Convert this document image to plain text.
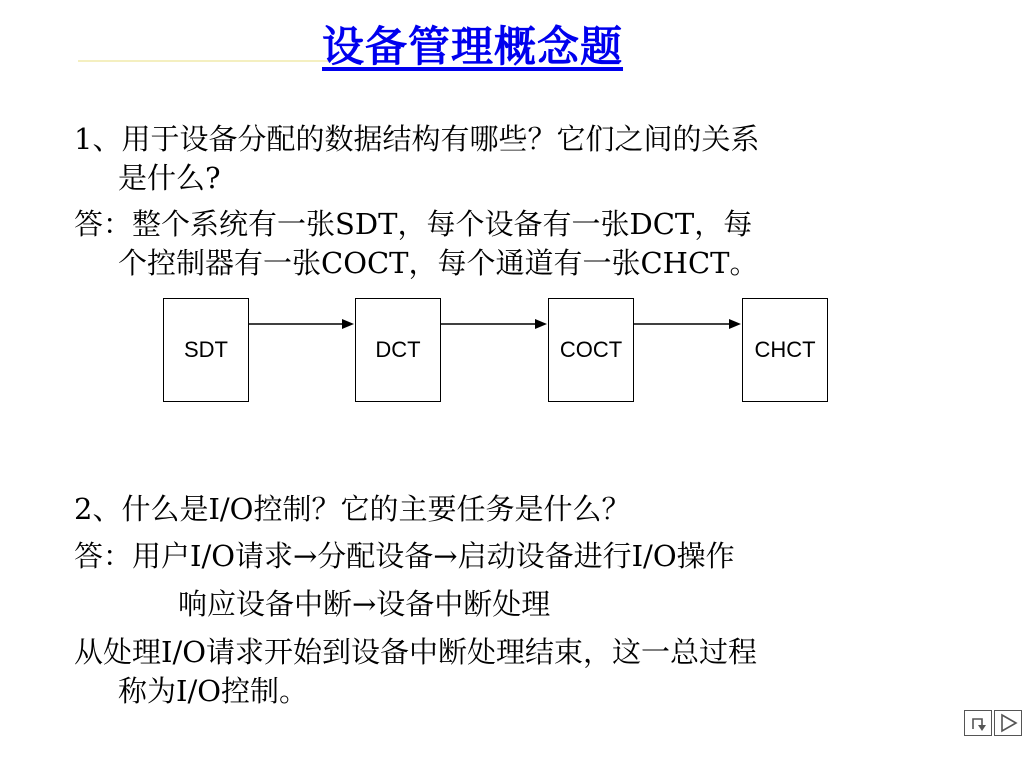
设备管理概念题
1、用于设备分配的数据结构有哪些？它们之间的关系
是什么?
答：整个系统有一张SDT，每个设备有一张DCT，每
个控制器有一张COCT，每个通道有一张CHCT。
SDT	DCT	COCT	CHCT
2、什么是I/O控制？它的主要任务是什么？
答：用户I/O请求→分配设备→启动设备进行I/O操作
响应设备中断→设备中断处理
从处理I/O请求开始到设备中断处理结束，这一总过程
称为I/O控制。
